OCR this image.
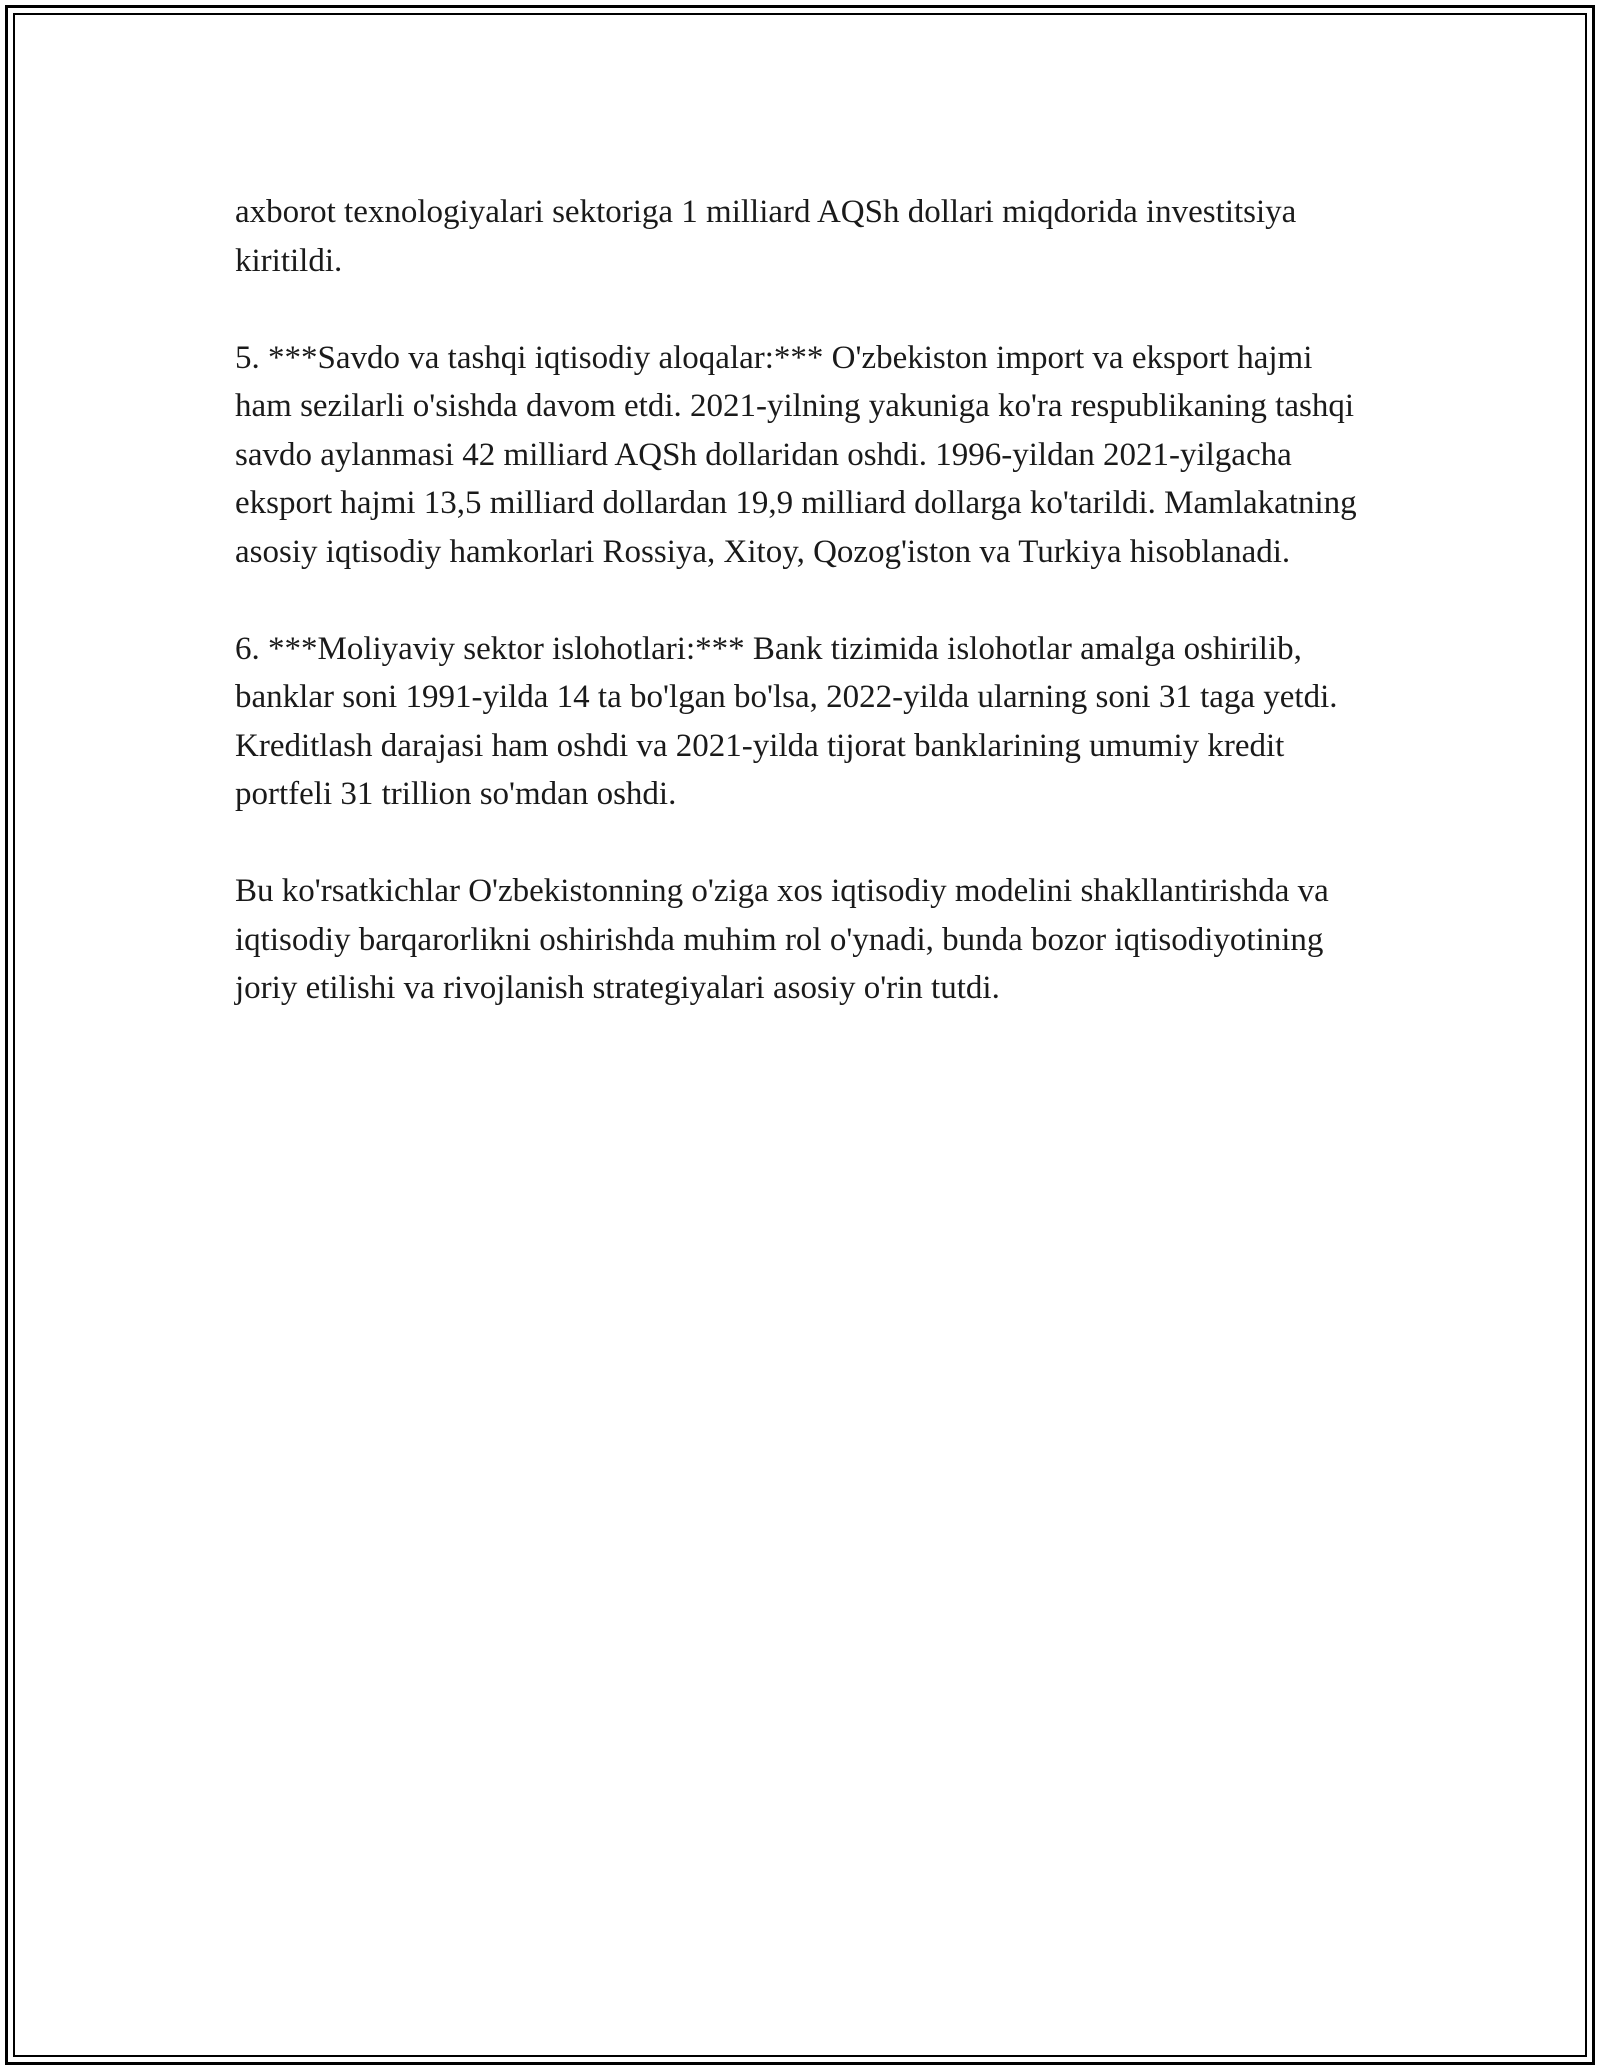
axborot texnologiyalari sektoriga 1 milliard AQSh dollari miqdorida investitsiya kiritildi.

5. ***Savdo va tashqi iqtisodiy aloqalar:*** O'zbekiston import va eksport hajmi ham sezilarli o'sishda davom etdi. 2021-yilning yakuniga ko'ra respublikaning tashqi savdo aylanmasi 42 milliard AQSh dollaridan oshdi. 1996-yildan 2021-yilgacha eksport hajmi 13,5 milliard dollardan 19,9 milliard dollarga ko'tarildi. Mamlakatning asosiy iqtisodiy hamkorlari Rossiya, Xitoy, Qozog'iston va Turkiya hisoblanadi.

6. ***Moliyaviy sektor islohotlari:*** Bank tizimida islohotlar amalga oshirilib, banklar soni 1991-yilda 14 ta bo'lgan bo'lsa, 2022-yilda ularning soni 31 taga yetdi. Kreditlash darajasi ham oshdi va 2021-yilda tijorat banklarining umumiy kredit portfeli 31 trillion so'mdan oshdi.

Bu ko'rsatkichlar O'zbekistonning o'ziga xos iqtisodiy modelini shakllantirishda va iqtisodiy barqarorlikni oshirishda muhim rol o'ynadi, bunda bozor iqtisodiyotining joriy etilishi va rivojlanish strategiyalari asosiy o'rin tutdi.
